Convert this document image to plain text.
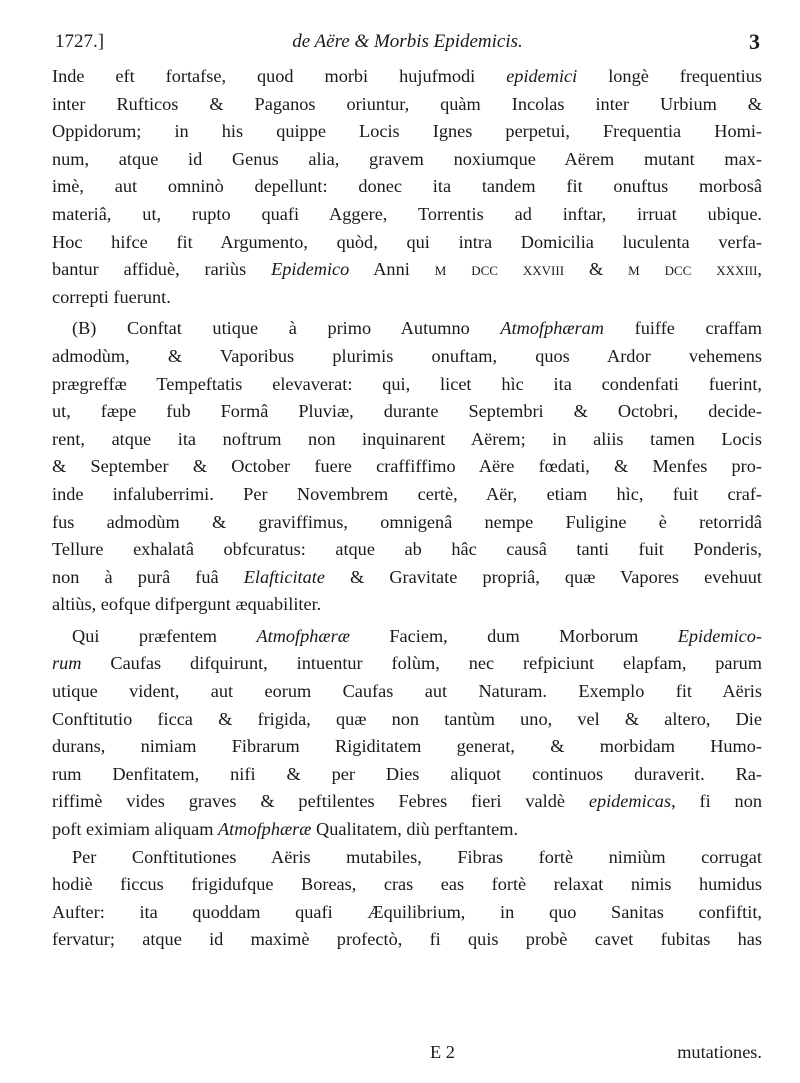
1727.]	de Aëre & Morbis Epidemicis.	3
Inde eft fortafse, quod morbi hujufmodi epidemici longè frequentius
inter Rufticos & Paganos oriuntur, quàm Incolas inter Urbium &
Oppidorum; in his quippe Locis Ignes perpetui, Frequentia Homi-
num, atque id Genus alia, gravem noxiumque Aërem mutant max-
imè, aut omninò depellunt: donec ita tandem fit onuftus morbosâ
materiâ, ut, rupto quafi Aggere, Torrentis ad inftar, irruat ubique.
Hoc hifce fit Argumento, quòd, qui intra Domicilia luculenta verfa-
bantur affiduè, rariùs Epidemico Anni m dcc xxviii & m dcc xxxiii,
correpti fuerunt.
(B) Conftat utique à primo Autumno Atmofphæram fuiffe craffam
admodùm, & Vaporibus plurimis onuftam, quos Ardor vehemens
prægreffæ Tempeftatis elevaverat: qui, licet hìc ita condenfati fuerint,
ut, fæpe fub Formâ Pluviæ, durante Septembri & Octobri, decide-
rent, atque ita noftrum non inquinarent Aërem; in aliis tamen Locis
& September & October fuere craffiffimo Aëre fœdati, & Menfes pro-
inde infaluberrimi. Per Novembrem certè, Aër, etiam hìc, fuit craf-
fus admodùm & graviffimus, omnigenâ nempe Fuligine è retorridâ
Tellure exhalatâ obfcuratus: atque ab hâc causâ tanti fuit Ponderis,
non à purâ fuâ Elafticitate & Gravitate propriâ, quæ Vapores evehuut
altiùs, eofque difpergunt æquabiliter.
Qui præfentem Atmofphæræ Faciem, dum Morborum Epidemico-
rum Caufas difquirunt, intuentur folùm, nec refpiciunt elapfam, parum
utique vident, aut eorum Caufas aut Naturam. Exemplo fit Aëris
Conftitutio ficca & frigida, quæ non tantùm uno, vel & altero, Die
durans, nimiam Fibrarum Rigiditatem generat, & morbidam Humo-
rum Denfitatem, nifi & per Dies aliquot continuos duraverit. Ra-
riffimè vides graves & peftilentes Febres fieri valdè epidemicas, fi non
poft eximiam aliquam Atmofphæræ Qualitatem, diù perftantem.
Per Conftitutiones Aëris mutabiles, Fibras fortè nimiùm corrugat
hodiè ficcus frigidufque Boreas, cras eas fortè relaxat nimis humidus
Aufter: ita quoddam quafi Æquilibrium, in quo Sanitas confiftit,
fervatur; atque id maximè profectò, fi quis probè cavet fubitas has
E 2	mutationes.
